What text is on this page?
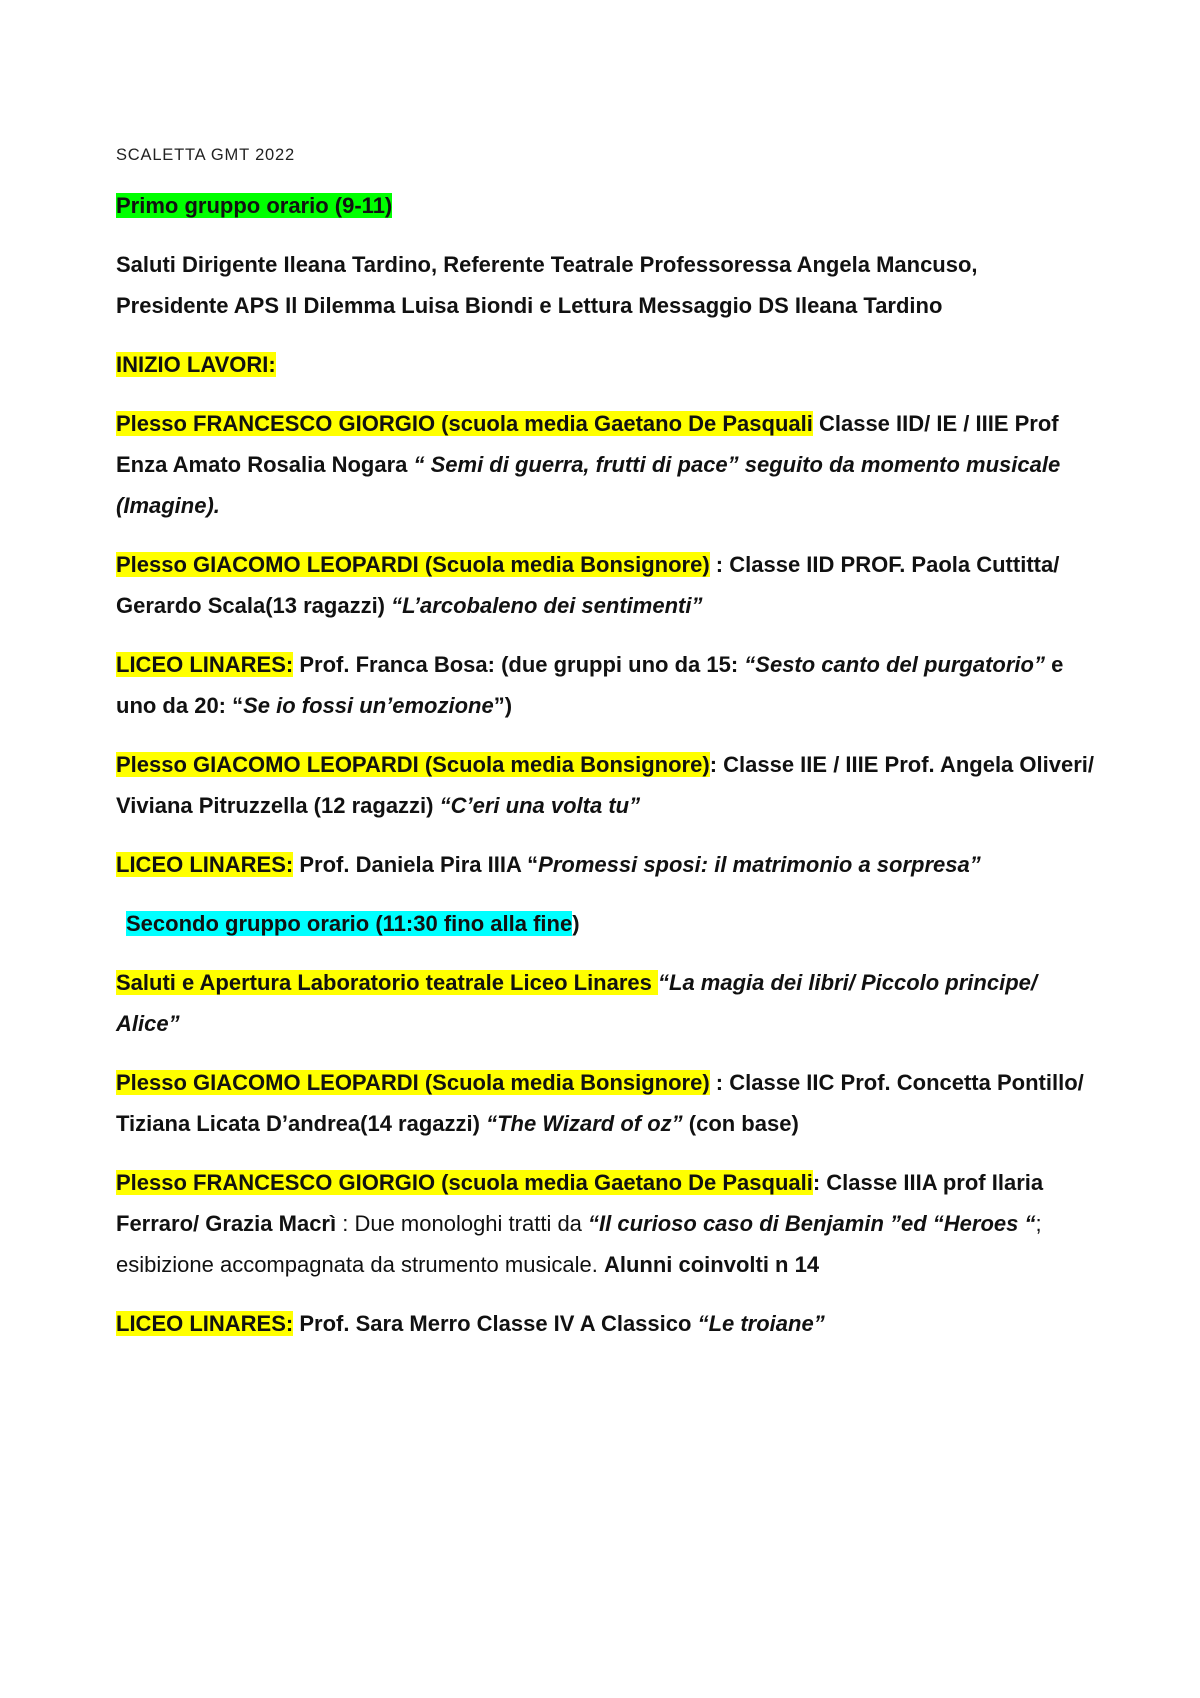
SCALETTA GMT 2022

Primo gruppo orario (9-11)

Saluti Dirigente Ileana Tardino, Referente Teatrale Professoressa Angela Mancuso, Presidente APS Il Dilemma Luisa Biondi e Lettura Messaggio DS Ileana Tardino

INIZIO LAVORI:

Plesso FRANCESCO GIORGIO (scuola media Gaetano De Pasquali Classe IID/ IE / IIIE Prof Enza Amato Rosalia Nogara “ Semi di guerra, frutti di pace” seguito da momento musicale (Imagine).

Plesso GIACOMO LEOPARDI (Scuola media Bonsignore) : Classe IID PROF. Paola Cuttitta/ Gerardo Scala(13 ragazzi) “L’arcobaleno dei sentimenti”

LICEO LINARES: Prof. Franca Bosa: (due gruppi uno da 15: “Sesto canto del purgatorio” e uno da 20: “Se io fossi un’emozione”)

Plesso GIACOMO LEOPARDI (Scuola media Bonsignore): Classe IIE / IIIE Prof. Angela Oliveri/ Viviana Pitruzzella (12 ragazzi) “C’eri una volta tu”

LICEO LINARES: Prof. Daniela Pira IIIA “Promessi sposi: il matrimonio a sorpresa”

Secondo gruppo orario (11:30 fino alla fine)

Saluti e Apertura Laboratorio teatrale Liceo Linares “La magia dei libri/ Piccolo principe/ Alice”

Plesso GIACOMO LEOPARDI (Scuola media Bonsignore) : Classe IIC Prof. Concetta Pontillo/ Tiziana Licata D’andrea(14 ragazzi) “The Wizard of oz” (con base)

Plesso FRANCESCO GIORGIO (scuola media Gaetano De Pasquali: Classe IIIA prof Ilaria Ferraro/ Grazia Macrì : Due monologhi tratti da “Il curioso caso di Benjamin ”ed “Heroes “; esibizione accompagnata da strumento musicale. Alunni coinvolti n 14

LICEO LINARES: Prof. Sara Merro Classe IV A Classico “Le troiane”
